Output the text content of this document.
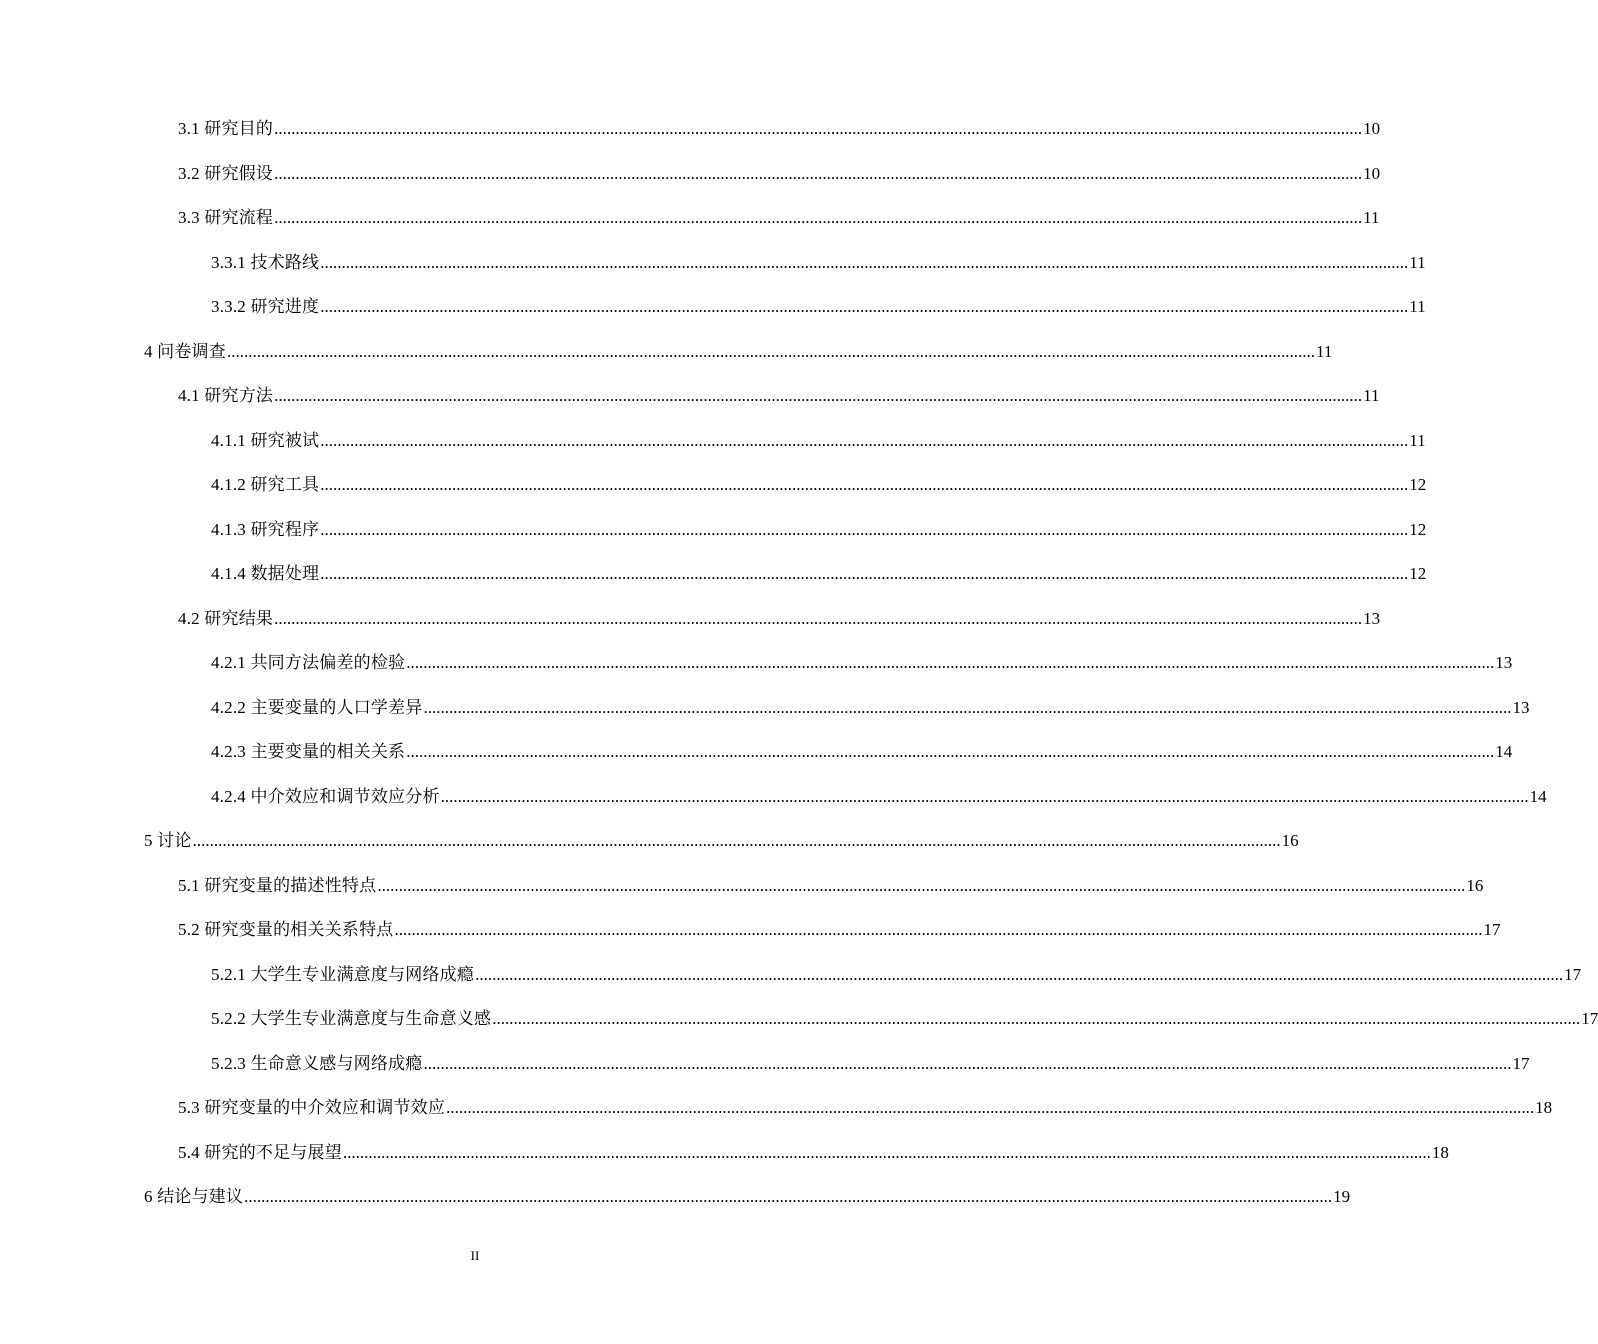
3.1 研究目的 ................................................................................................................................................................................................................................................................ 10
3.2 研究假设 ................................................................................................................................................................................................................................................................ 10
3.3 研究流程 ................................................................................................................................................................................................................................................................ 11
3.3.1 技术路线 ................................................................................................................................................................................................................................................................ 11
3.3.2 研究进度 ................................................................................................................................................................................................................................................................ 11
4 问卷调查 ................................................................................................................................................................................................................................................................ 11
4.1 研究方法 ................................................................................................................................................................................................................................................................ 11
4.1.1 研究被试 ................................................................................................................................................................................................................................................................ 11
4.1.2 研究工具 ................................................................................................................................................................................................................................................................ 12
4.1.3 研究程序 ................................................................................................................................................................................................................................................................ 12
4.1.4 数据处理 ................................................................................................................................................................................................................................................................ 12
4.2 研究结果 ................................................................................................................................................................................................................................................................ 13
4.2.1 共同方法偏差的检验 ................................................................................................................................................................................................................................................................ 13
4.2.2 主要变量的人口学差异 ................................................................................................................................................................................................................................................................ 13
4.2.3 主要变量的相关关系 ................................................................................................................................................................................................................................................................ 14
4.2.4 中介效应和调节效应分析 ................................................................................................................................................................................................................................................................ 14
5 讨论 ................................................................................................................................................................................................................................................................ 16
5.1 研究变量的描述性特点 ................................................................................................................................................................................................................................................................ 16
5.2 研究变量的相关关系特点 ................................................................................................................................................................................................................................................................ 17
5.2.1 大学生专业满意度与网络成瘾 ................................................................................................................................................................................................................................................................ 17
5.2.2 大学生专业满意度与生命意义感 ................................................................................................................................................................................................................................................................ 17
5.2.3 生命意义感与网络成瘾 ................................................................................................................................................................................................................................................................ 17
5.3 研究变量的中介效应和调节效应 ................................................................................................................................................................................................................................................................ 18
5.4 研究的不足与展望 ................................................................................................................................................................................................................................................................ 18
6 结论与建议 ................................................................................................................................................................................................................................................................ 19
II
